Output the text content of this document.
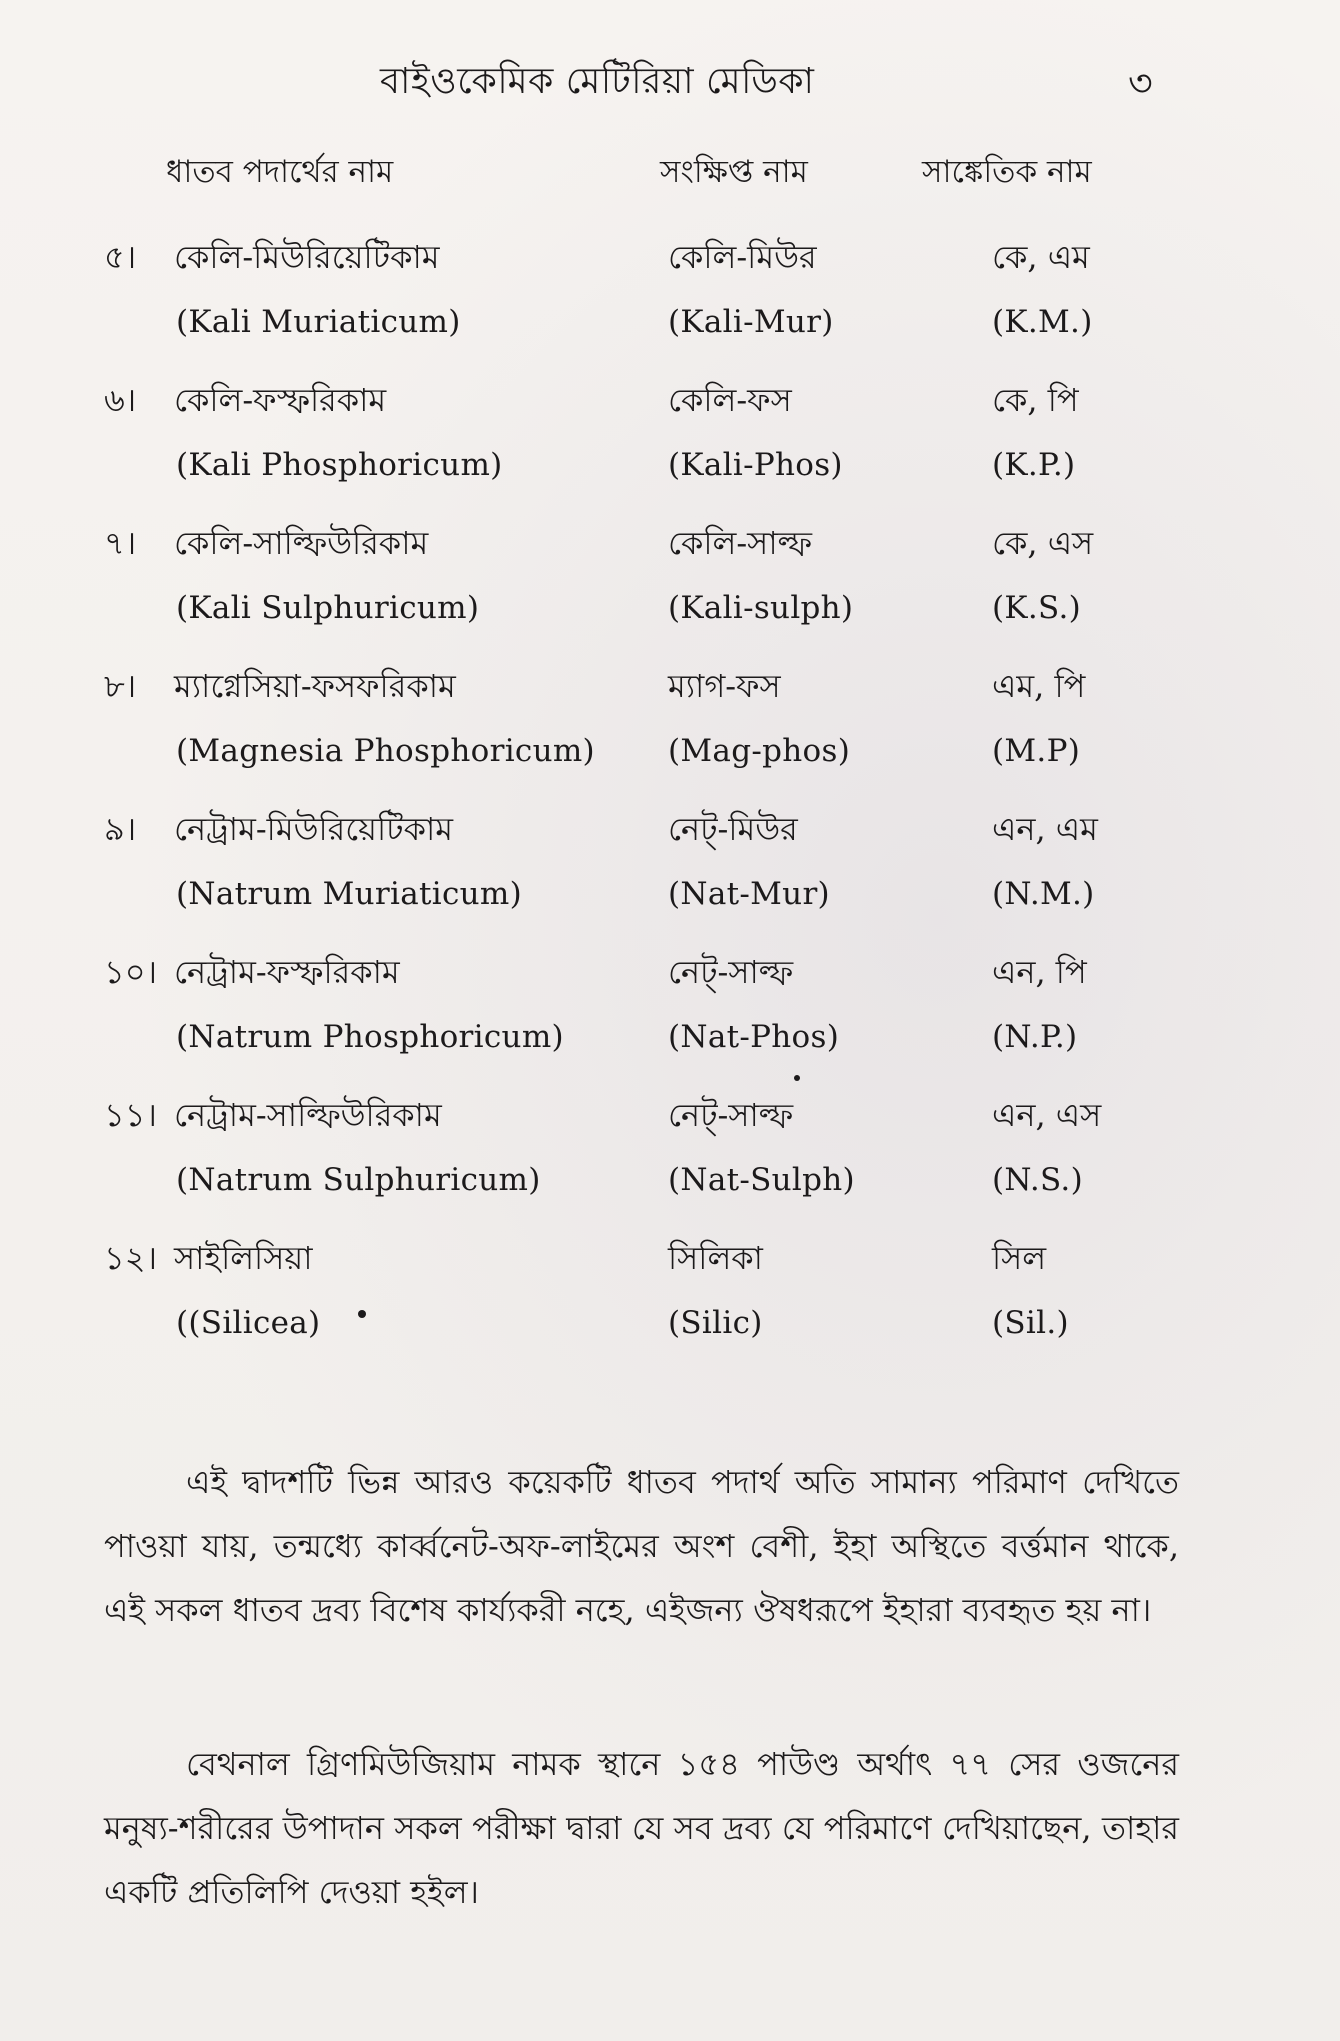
বাইওকেমিক মেটিরিয়া মেডিকা	৩
ধাতব পদার্থের নাম	সংক্ষিপ্ত নাম	সাঙ্কেতিক নাম
৫। কেলি-মিউরিয়েটিকাম	কেলি-মিউর	কে, এম
(Kali Muriaticum)	(Kali-Mur)	(K.M.)
৬। কেলি-ফস্ফরিকাম	কেলি-ফস	কে, পি
(Kali Phosphoricum)	(Kali-Phos)	(K.P.)
৭। কেলি-সাল্ফিউরিকাম	কেলি-সাল্ফ	কে, এস
(Kali Sulphuricum)	(Kali-sulph)	(K.S.)
৮। ম্যাগ্নেসিয়া-ফসফরিকাম	ম্যাগ-ফস	এম, পি
(Magnesia Phosphoricum) (Mag-phos)	(M.P)
৯। নেট্রাম-মিউরিয়েটিকাম	নেট্-মিউর	এন, এম
(Natrum Muriaticum)	(Nat-Mur)	(N.M.)
১০। নেট্রাম-ফস্ফরিকাম	নেট্-সাল্ফ	এন, পি
(Natrum Phosphoricum)	(Nat-Phos)	(N.P.)
১১। নেট্রাম-সাল্ফিউরিকাম	নেট্-সাল্ফ	এন, এস
(Natrum Sulphuricum)	(Nat-Sulph)	(N.S.)
১২। সাইলিসিয়া	সিলিকা	সিল
((Silicea)	(Silic)	(Sil.)

এই দ্বাদশটি ভিন্ন আরও কয়েকটি ধাতব পদার্থ অতি সামান্য পরিমাণ দেখিতে পাওয়া যায়, তন্মধ্যে কার্ব্বনেট-অফ-লাইমের অংশ বেশী, ইহা অস্থিতে বর্ত্তমান থাকে, এই সকল ধাতব দ্রব্য বিশেষ কার্য্যকরী নহে, এইজন্য ঔষধরূপে ইহারা ব্যবহৃত হয় না।

বেথনাল গ্রিণমিউজিয়াম নামক স্থানে ১৫৪ পাউণ্ড অর্থাৎ ৭৭ সের ওজনের মনুষ্য-শরীরের উপাদান সকল পরীক্ষা দ্বারা যে সব দ্রব্য যে পরিমাণে দেখিয়াছেন, তাহার একটি প্রতিলিপি দেওয়া হইল।
